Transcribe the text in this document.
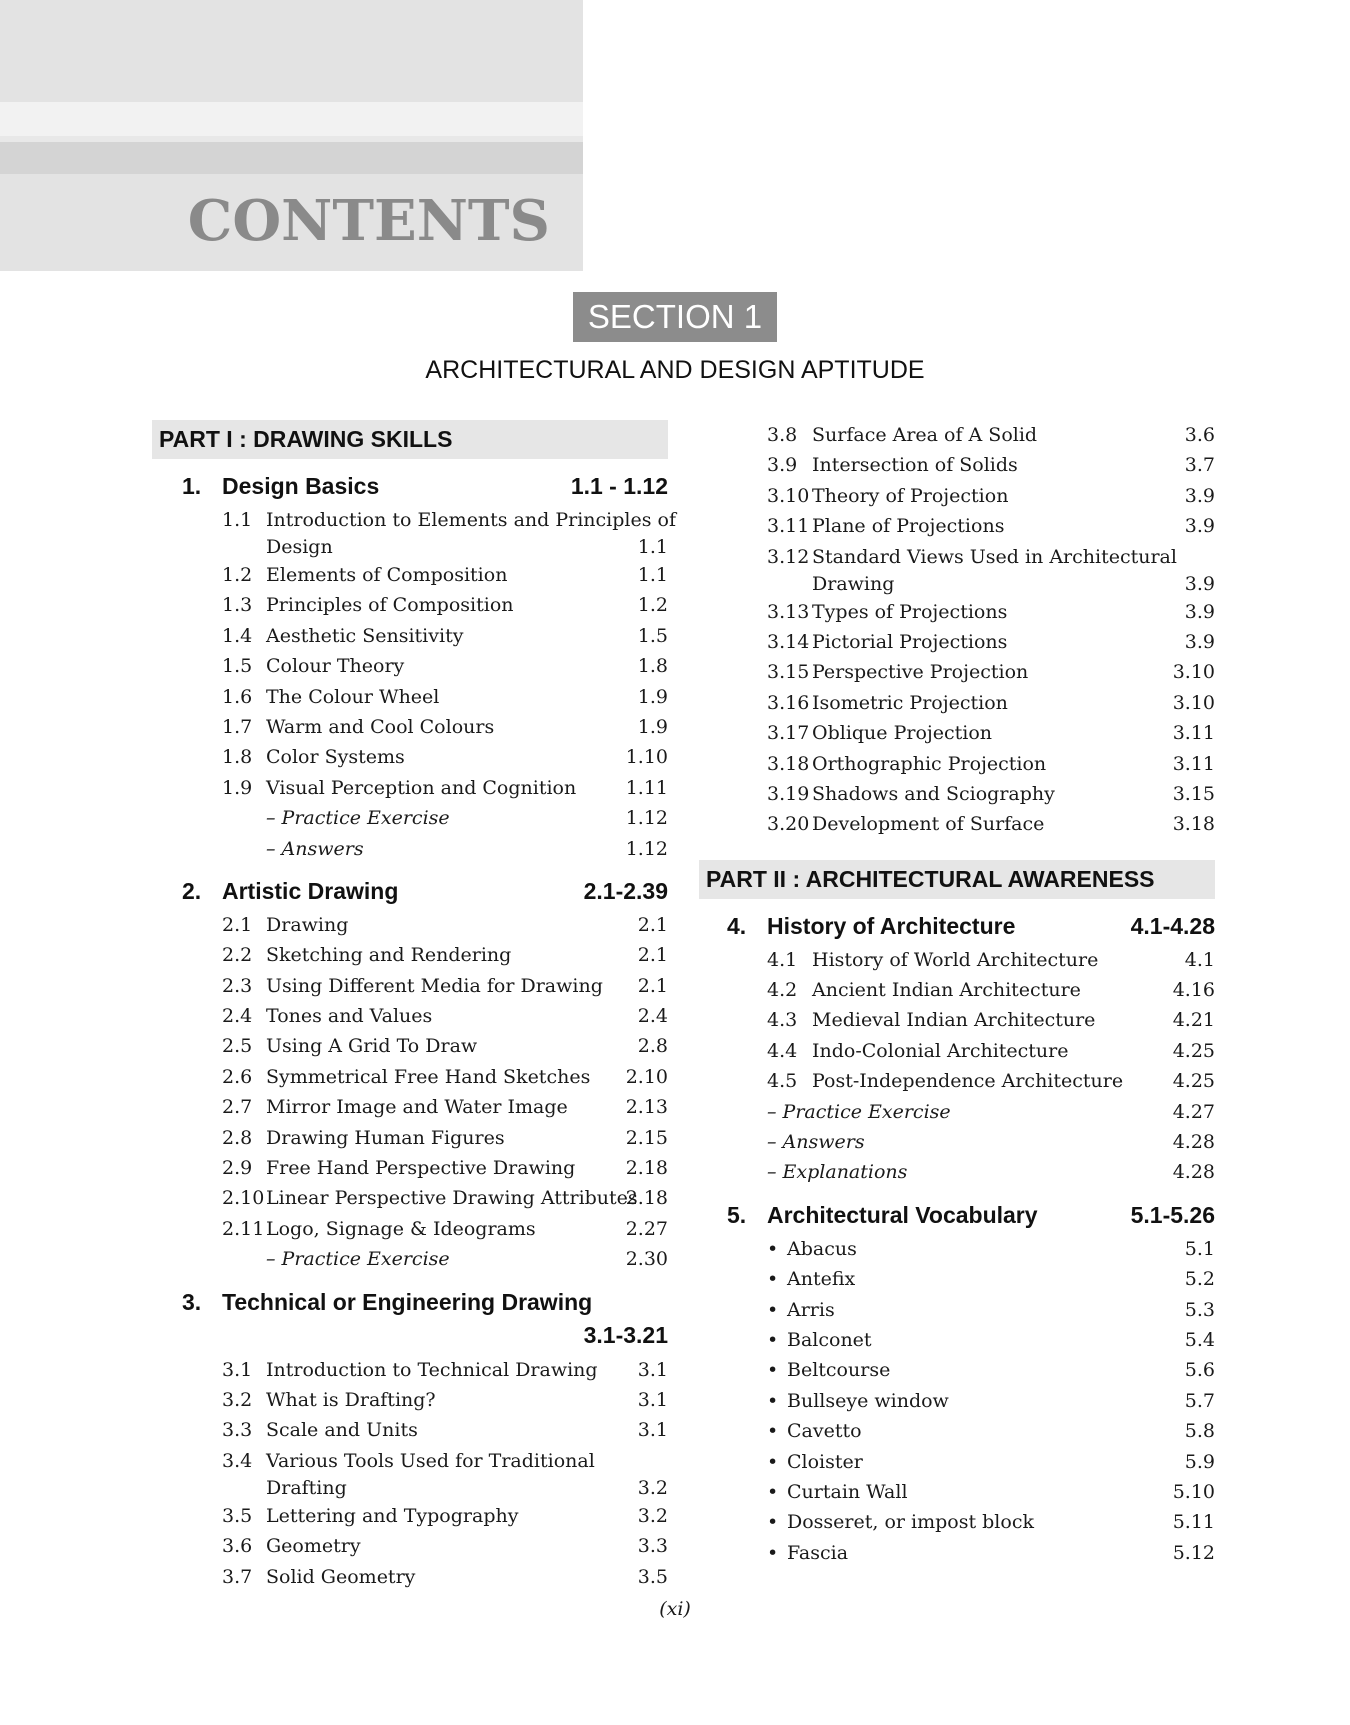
CONTENTS
SECTION 1
ARCHITECTURAL AND DESIGN APTITUDE
PART I : DRAWING SKILLS
1. Design Basics	1.1 - 1.12
1.1 Introduction to Elements and Principles of
Design	1.1
1.2 Elements of Composition	1.1
1.3 Principles of Composition	1.2
1.4 Aesthetic Sensitivity	1.5
1.5 Colour Theory	1.8
1.6 The Colour Wheel	1.9
1.7 Warm and Cool Colours	1.9
1.8 Color Systems	1.10
1.9 Visual Perception and Cognition	1.11
– Practice Exercise	1.12
– Answers	1.12
2. Artistic Drawing	2.1-2.39
2.1 Drawing	2.1
2.2 Sketching and Rendering	2.1
2.3 Using Different Media for Drawing 2.1
2.4 Tones and Values	2.4
2.5 Using A Grid To Draw	2.8
2.6 Symmetrical Free Hand Sketches 2.10
2.7 Mirror Image and Water Image	2.13
2.8 Drawing Human Figures	2.15
2.9 Free Hand Perspective Drawing	2.18
2.10 Linear Perspective Drawing Attributes
2.18
2.11 Logo, Signage & Ideograms	2.27
– Practice Exercise	2.30
3. Technical or Engineering Drawing
3.1-3.21
3.1 Introduction to Technical Drawing 3.1
3.2 What is Drafting?	3.1
3.3 Scale and Units	3.1
3.4 Various Tools Used for Traditional
Drafting	3.2
3.5 Lettering and Typography	3.2
3.6 Geometry	3.3
3.7 Solid Geometry	3.5
3.8 Surface Area of A Solid	3.6
3.9 Intersection of Solids	3.7
3.10 Theory of Projection	3.9
3.11 Plane of Projections	3.9
3.12 Standard Views Used in Architectural
Drawing	3.9
3.13 Types of Projections	3.9
3.14 Pictorial Projections	3.9
3.15 Perspective Projection	3.10
3.16 Isometric Projection	3.10
3.17 Oblique Projection	3.11
3.18 Orthographic Projection	3.11
3.19 Shadows and Sciography	3.15
3.20 Development of Surface	3.18
PART II : ARCHITECTURAL AWARENESS
4. History of Architecture	4.1-4.28
4.1 History of World Architecture	4.1
4.2 Ancient Indian Architecture	4.16
4.3 Medieval Indian Architecture	4.21
4.4 Indo-Colonial Architecture	4.25
4.5 Post-Independence Architecture	4.25
– Practice Exercise	4.27
– Answers	4.28
– Explanations	4.28
5. Architectural Vocabulary	5.1-5.26
• Abacus	5.1
• Antefix	5.2
• Arris	5.3
• Balconet	5.4
• Beltcourse	5.6
• Bullseye window	5.7
• Cavetto	5.8
• Cloister	5.9
• Curtain Wall	5.10
• Dosseret, or impost block	5.11
• Fascia	5.12
(xi)
